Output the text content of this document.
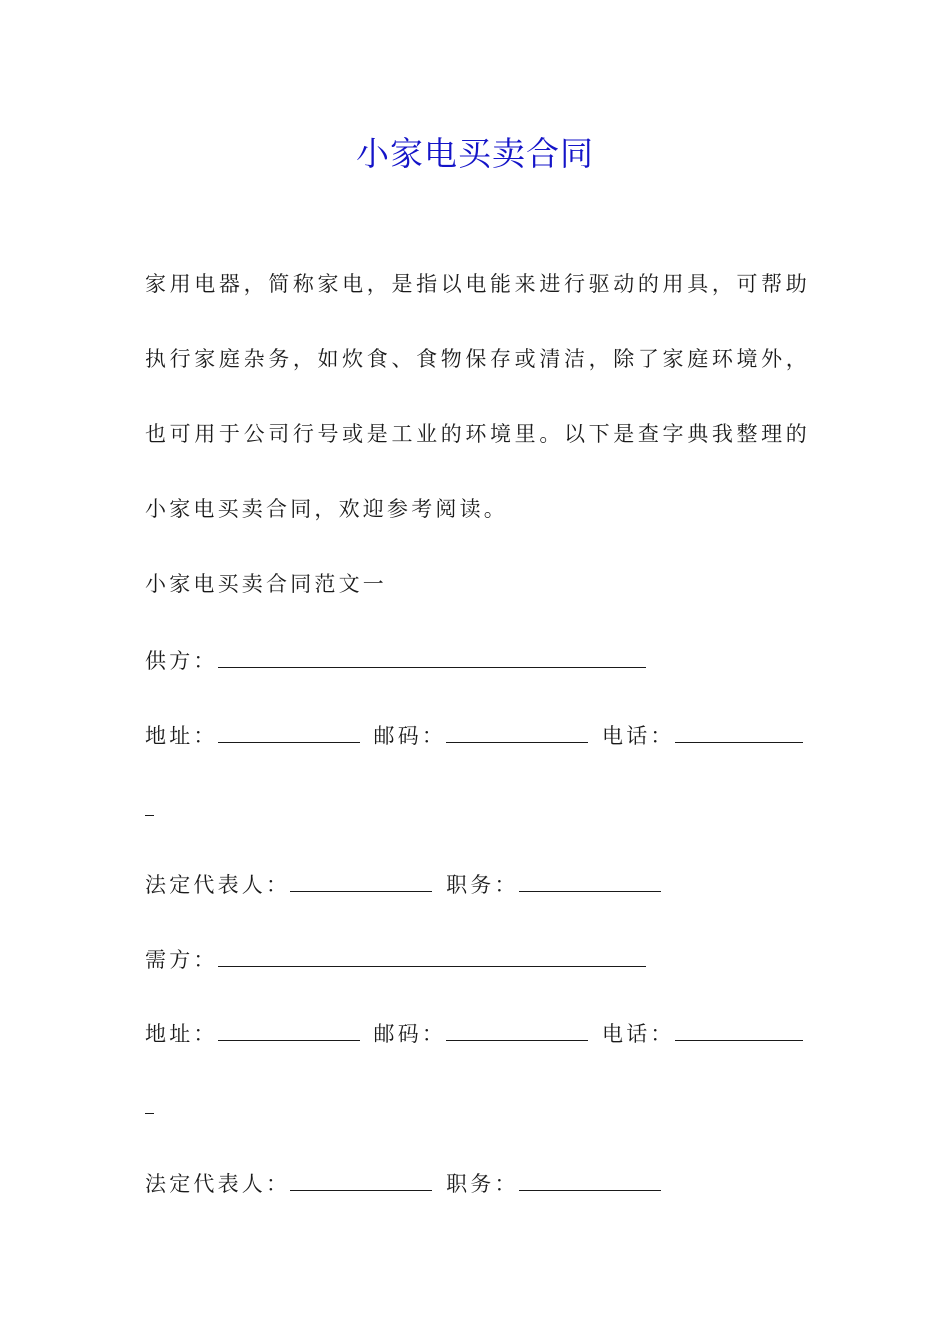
小家电买卖合同

家用电器，简称家电，是指以电能来进行驱动的用具，可帮助执行家庭杂务，如炊食、食物保存或清洁，除了家庭环境外，也可用于公司行号或是工业的环境里。以下是查字典我整理的小家电买卖合同，欢迎参考阅读。

小家电买卖合同范文一
供方：
地址：	邮码：	电话：
法定代表人：	职务：
需方：
地址：	邮码：	电话：
法定代表人：	职务：
